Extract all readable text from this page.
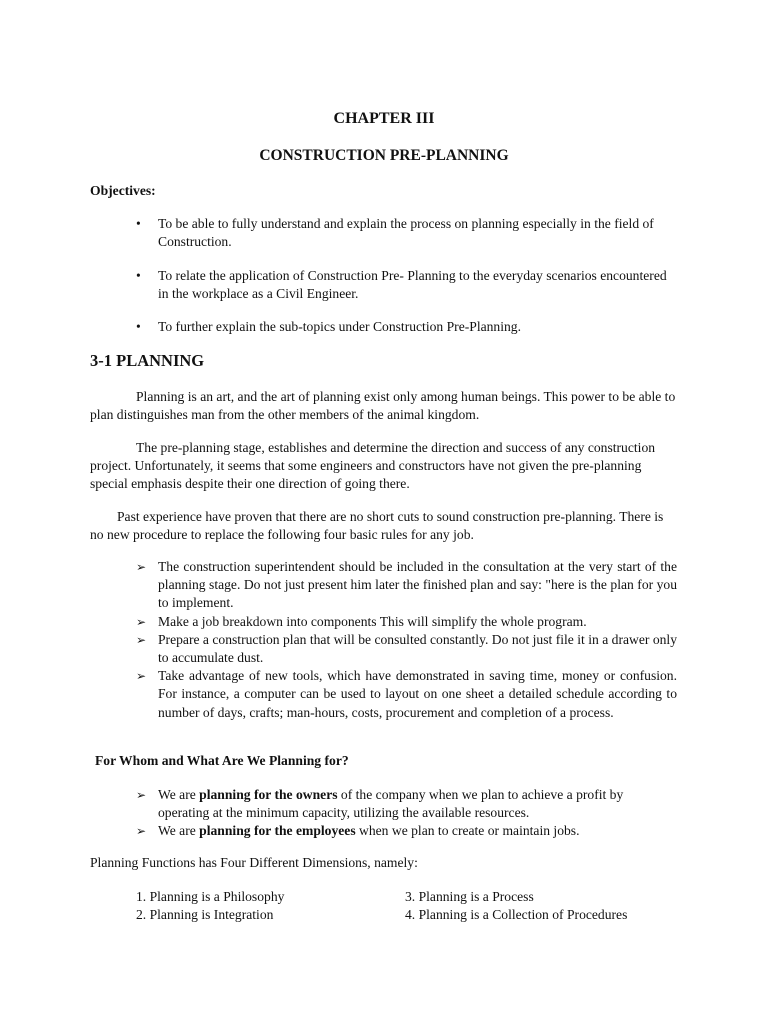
CHAPTER III

CONSTRUCTION PRE-PLANNING

Objectives:

• To be able to fully understand and explain the process on planning especially in the field of Construction.
• To relate the application of Construction Pre- Planning to the everyday scenarios encountered in the workplace as a Civil Engineer.
• To further explain the sub-topics under Construction Pre-Planning.

3-1 PLANNING

Planning is an art, and the art of planning exist only among human beings. This power to be able to plan distinguishes man from the other members of the animal kingdom.

The pre-planning stage, establishes and determine the direction and success of any construction project. Unfortunately, it seems that some engineers and constructors have not given the pre-planning special emphasis despite their one direction of going there.

Past experience have proven that there are no short cuts to sound construction pre-planning. There is no new procedure to replace the following four basic rules for any job.

➢ The construction superintendent should be included in the consultation at the very start of the planning stage. Do not just present him later the finished plan and say: "here is the plan for you to implement.
➢ Make a job breakdown into components This will simplify the whole program.
➢ Prepare a construction plan that will be consulted constantly. Do not just file it in a drawer only to accumulate dust.
➢ Take advantage of new tools, which have demonstrated in saving time, money or confusion. For instance, a computer can be used to layout on one sheet a detailed schedule according to number of days, crafts; man-hours, costs, procurement and completion of a process.

For Whom and What Are We Planning for?

➢ We are planning for the owners of the company when we plan to achieve a profit by operating at the minimum capacity, utilizing the available resources.
➢ We are planning for the employees when we plan to create or maintain jobs.

Planning Functions has Four Different Dimensions, namely:

1. Planning is a Philosophy
2. Planning is Integration
3. Planning is a Process
4. Planning is a Collection of Procedures
